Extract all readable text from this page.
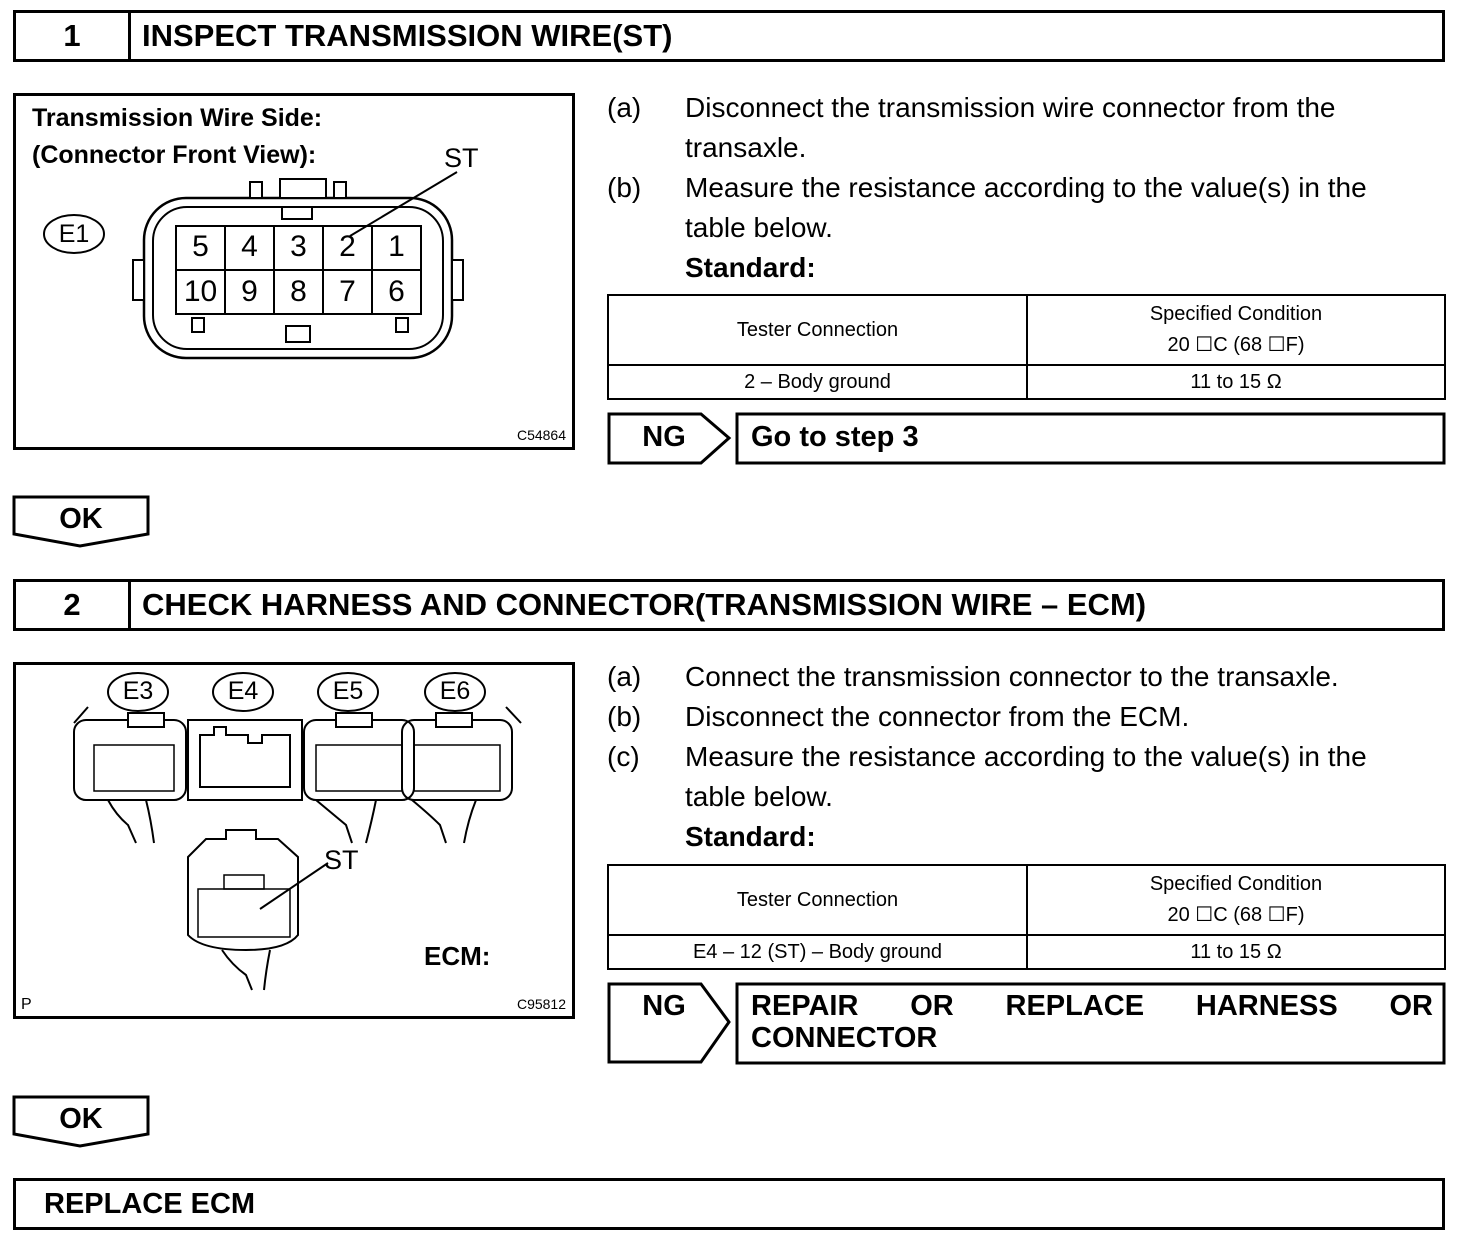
1	INSPECT TRANSMISSION WIRE(ST)
Transmission Wire Side:
(Connector Front View):
E1
ST
5	4	3	2	1
10 9	8	7	6
C54864
(a) Disconnect the transmission wire connector from the
transaxle.
(b) Measure the resistance according to the value(s) in the
table below.
Standard:
Tester Connection	Specified Condition
20 ☐C (68 ☐F)

2 – Body ground	11 to 15 Ω
NG	Go to step 3
OK
2	CHECK HARNESS AND CONNECTOR(TRANSMISSION WIRE – ECM)
E3	E4	E5	E6
ST
ECM:
P	C95812
(a) Connect the transmission connector to the transaxle.
(b) Disconnect the connector from the ECM.
(c) Measure the resistance according to the value(s) in the
table below.
Standard:
Tester Connection	Specified Condition
20 ☐C (68 ☐F)

E4 – 12 (ST) – Body ground	11 to 15 Ω
NG	REPAIR OR REPLACE HARNESS OR
CONNECTOR
OK
REPLACE ECM
